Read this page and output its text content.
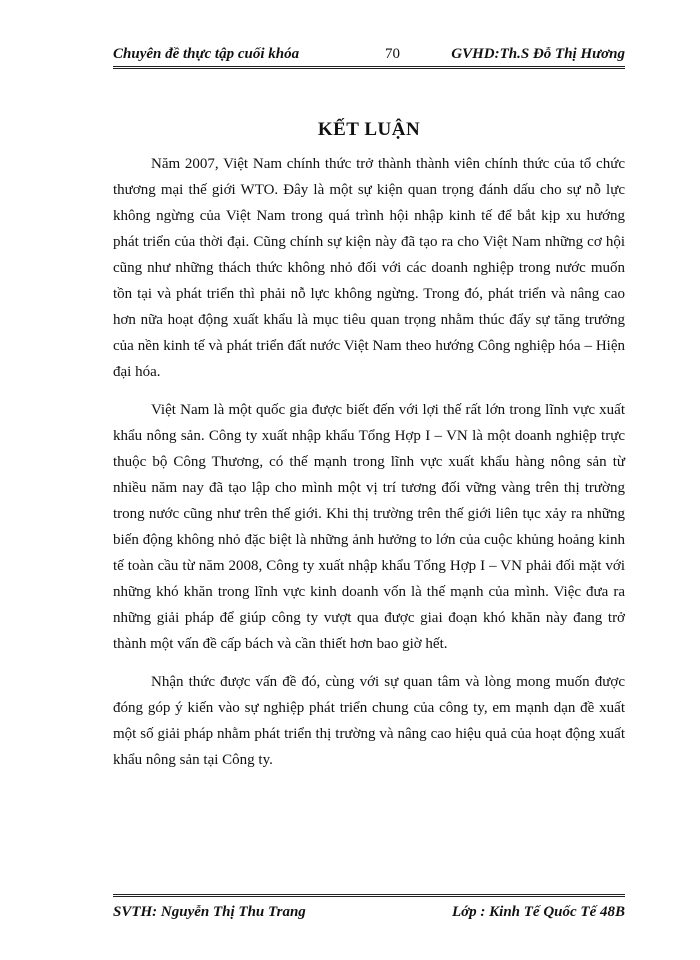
Chuyên đề thực tập cuối khóa	70	GVHD:Th.S Đỗ Thị Hương
KẾT LUẬN

Năm 2007, Việt Nam chính thức trở thành thành viên chính thức của tổ chức thương mại thế giới WTO. Đây là một sự kiện quan trọng đánh dấu cho sự nỗ lực không ngừng của Việt Nam trong quá trình hội nhập kinh tế để bắt kịp xu hướng phát triển của thời đại. Cũng chính sự kiện này đã tạo ra cho Việt Nam những cơ hội cũng như những thách thức không nhỏ đối với các doanh nghiệp trong nước muốn tồn tại và phát triển thì phải nỗ lực không ngừng. Trong đó, phát triển và nâng cao hơn nữa hoạt động xuất khẩu là mục tiêu quan trọng nhằm thúc đẩy sự tăng trưởng của nền kinh tế và phát triển đất nước Việt Nam theo hướng Công nghiệp hóa – Hiện đại hóa.

Việt Nam là một quốc gia được biết đến với lợi thế rất lớn trong lĩnh vực xuất khẩu nông sản. Công ty xuất nhập khẩu Tổng Hợp I – VN là một doanh nghiệp trực thuộc bộ Công Thương, có thế mạnh trong lĩnh vực xuất khẩu hàng nông sản từ nhiều năm nay đã tạo lập cho mình một vị trí tương đối vững vàng trên thị trường trong nước cũng như trên thế giới. Khi thị trường trên thế giới liên tục xảy ra những biến động không nhỏ đặc biệt là những ảnh hưởng to lớn của cuộc khủng hoảng kinh tế toàn cầu từ năm 2008, Công ty xuất nhập khẩu Tổng Hợp I – VN phải đối mặt với những khó khăn trong lĩnh vực kinh doanh vốn là thế mạnh của mình. Việc đưa ra những giải pháp để giúp công ty vượt qua được giai đoạn khó khăn này đang trở thành một vấn đề cấp bách và cần thiết hơn bao giờ hết.

Nhận thức được vấn đề đó, cùng với sự quan tâm và lòng mong muốn được đóng góp ý kiến vào sự nghiệp phát triển chung của công ty, em mạnh dạn đề xuất một số giải pháp nhằm phát triển thị trường và nâng cao hiệu quả của hoạt động xuất khẩu nông sản tại Công ty.

SVTH: Nguyễn Thị Thu Trang	Lớp : Kinh Tế Quốc Tế 48B
